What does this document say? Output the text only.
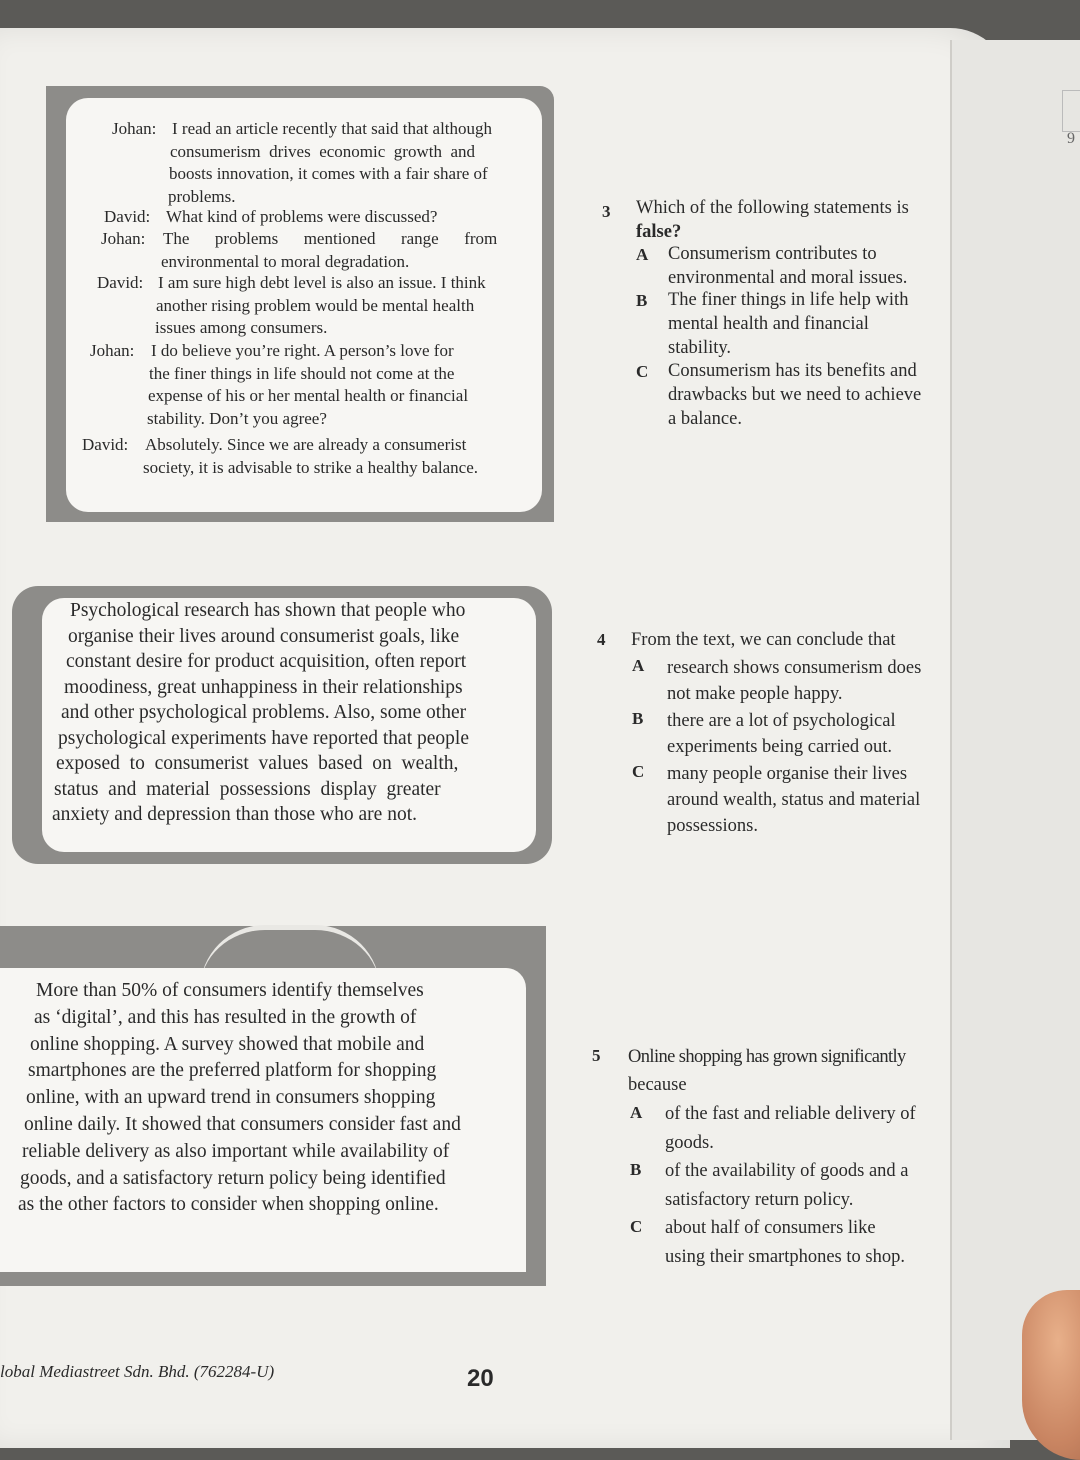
9
Johan: I read an article recently that said that although
consumerism  drives  economic  growth  and
boosts innovation, it comes with a fair share of
problems.
David: What kind of problems were discussed?
Johan: The      problems      mentioned      range      from
environmental to moral degradation.
David: I am sure high debt level is also an issue. I think
another rising problem would be mental health
issues among consumers.
Johan: I do believe you’re right. A person’s love for
the finer things in life should not come at the
expense of his or her mental health or financial
stability. Don’t you agree?
David: Absolutely. Since we are already a consumerist
society, it is advisable to strike a healthy balance.
Psychological research has shown that people who
organise their lives around consumerist goals, like
constant desire for product acquisition, often report
moodiness, great unhappiness in their relationships
and other psychological problems. Also, some other
psychological experiments have reported that people
exposed  to  consumerist  values  based  on  wealth,
status  and  material  possessions  display  greater
anxiety and depression than those who are not.
More than 50% of consumers identify themselves
as ‘digital’, and this has resulted in the growth of
online shopping. A survey showed that mobile and
smartphones are the preferred platform for shopping
online, with an upward trend in consumers shopping
online daily. It showed that consumers consider fast and
reliable delivery as also important while availability of
goods, and a satisfactory return policy being identified
as the other factors to consider when shopping online.
3 Which of the following statements is
false?
A Consumerism contributes to
environmental and moral issues.
B The finer things in life help with
mental health and financial
stability.
C Consumerism has its benefits and
drawbacks but we need to achieve
a balance.
4 From the text, we can conclude that
A research shows consumerism does
not make people happy.
B there are a lot of psychological
experiments being carried out.
C many people organise their lives
around wealth, status and material
possessions.
5 Online shopping has grown significantly
because
A of the fast and reliable delivery of
goods.
B of the availability of goods and a
satisfactory return policy.
C about half of consumers like
using their smartphones to shop.
lobal Mediastreet Sdn. Bhd. (762284-U)	20
